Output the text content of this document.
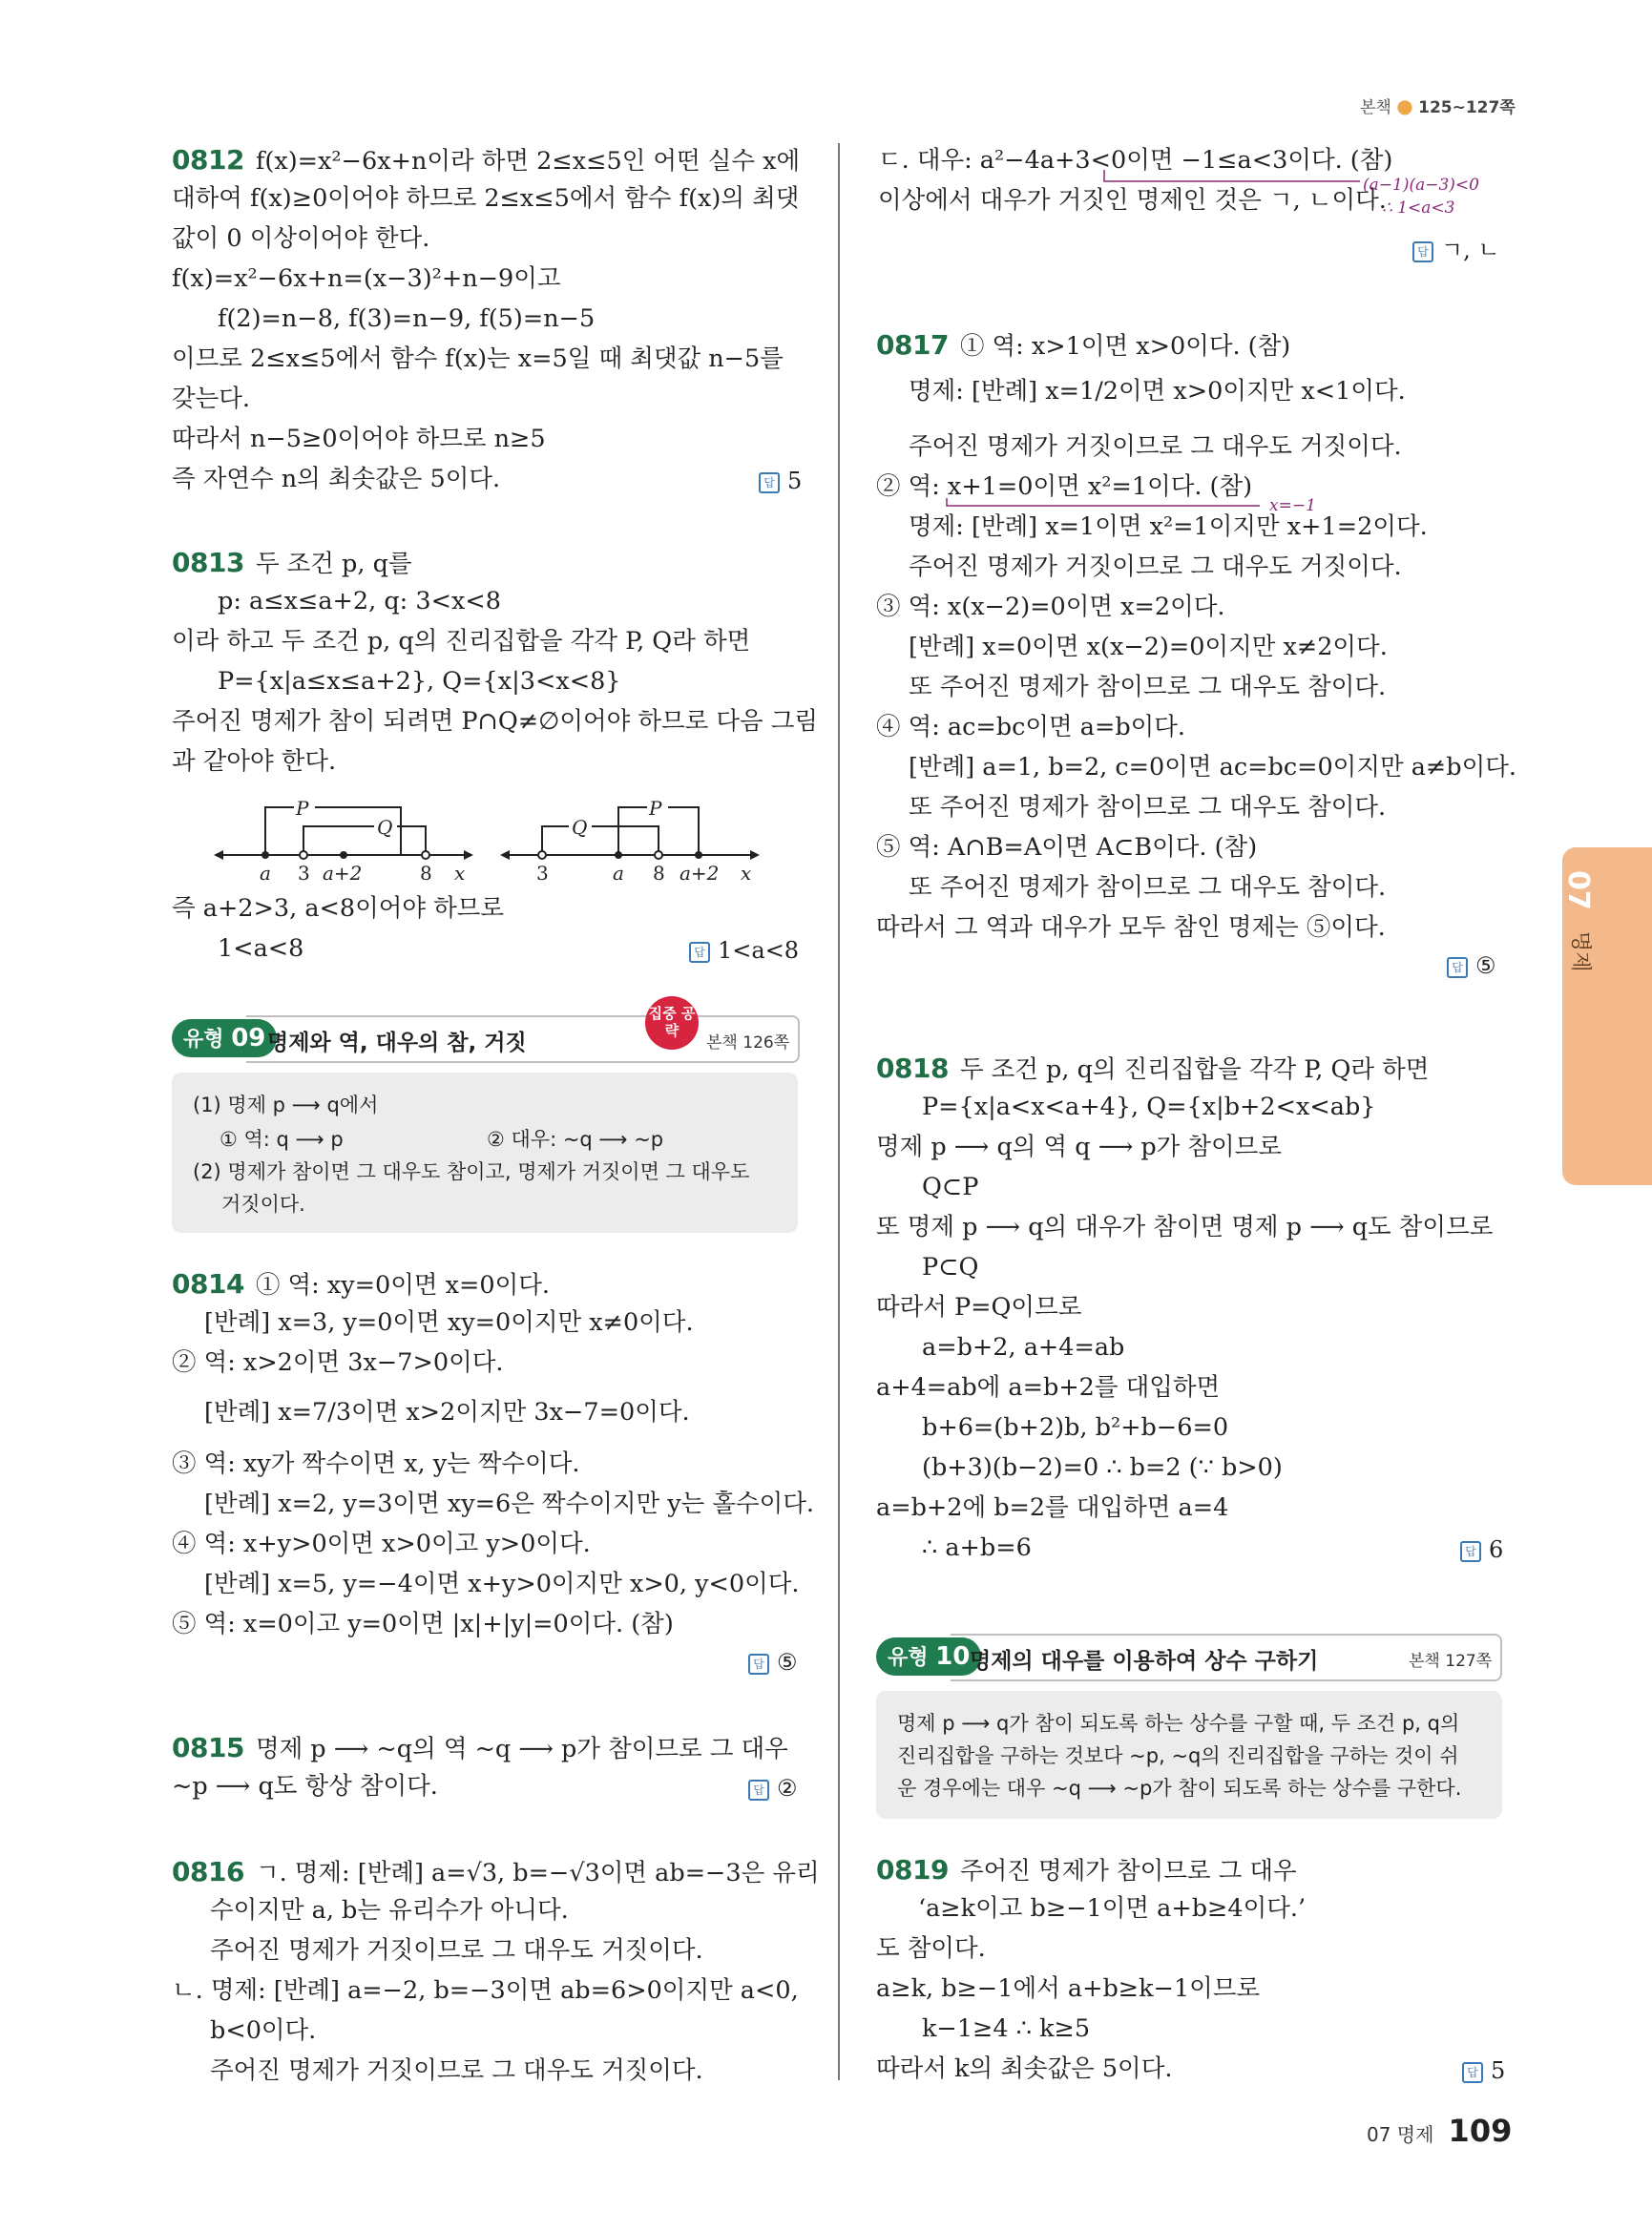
본책 ● 125~127쪽
0812 f(x)=x²−6x+n이라 하면 2≤x≤5인 어떤 실수 x에
대하여 f(x)≥0이어야 하므로 2≤x≤5에서 함수 f(x)의 최댓
값이 0 이상이어야 한다.
f(x)=x²−6x+n=(x−3)²+n−9이고
f(2)=n−8, f(3)=n−9, f(5)=n−5
이므로 2≤x≤5에서 함수 f(x)는 x=5일 때 최댓값 n−5를
갖는다.
따라서 n−5≥0이어야 하므로 n≥5
즉 자연수 n의 최솟값은 5이다.	답 5
0813 두 조건 p, q를
p: a≤x≤a+2, q: 3<x<8
이라 하고 두 조건 p, q의 진리집합을 각각 P, Q라 하면
P={x|a≤x≤a+2}, Q={x|3<x<8}
주어진 명제가 참이 되려면 P∩Q≠∅이어야 하므로 다음 그림
과 같아야 한다.
P
Q
a 3 a+2	8 x
Q
P
3	a 8 a+2 x
즉 a+2>3, a<8이어야 하므로
1<a<8	답 1<a<8
유형 09 명제와 역, 대우의 참, 거짓
집중 공략
본책 126쪽
(1) 명제 p ⟶ q에서
① 역: q ⟶ p	② 대우: ~q ⟶ ~p
(2) 명제가 참이면 그 대우도 참이고, 명제가 거짓이면 그 대우도
거짓이다.
0814 ① 역: xy=0이면 x=0이다.
[반례] x=3, y=0이면 xy=0이지만 x≠0이다.
② 역: x>2이면 3x−7>0이다.
[반례] x=7/3이면 x>2이지만 3x−7=0이다.
③ 역: xy가 짝수이면 x, y는 짝수이다.
[반례] x=2, y=3이면 xy=6은 짝수이지만 y는 홀수이다.
④ 역: x+y>0이면 x>0이고 y>0이다.
[반례] x=5, y=−4이면 x+y>0이지만 x>0, y<0이다.
⑤ 역: x=0이고 y=0이면 |x|+|y|=0이다. (참)
답 ⑤
0815 명제 p ⟶ ~q의 역 ~q ⟶ p가 참이므로 그 대우
~p ⟶ q도 항상 참이다.	답 ②
0816 ㄱ. 명제: [반례] a=√3, b=−√3이면 ab=−3은 유리
수이지만 a, b는 유리수가 아니다.
주어진 명제가 거짓이므로 그 대우도 거짓이다.
ㄴ. 명제: [반례] a=−2, b=−3이면 ab=6>0이지만 a<0,
b<0이다.
주어진 명제가 거짓이므로 그 대우도 거짓이다.
ㄷ. 대우: a²−4a+3<0이면 −1≤a<3이다. (참)
이상에서 대우가 거짓인 명제인 것은 ㄱ, ㄴ이다.
(a−1)(a−3)<0
∴ 1<a<3
답 ㄱ, ㄴ
0817 ① 역: x>1이면 x>0이다. (참)
명제: [반례] x=1/2이면 x>0이지만 x<1이다.
주어진 명제가 거짓이므로 그 대우도 거짓이다.
② 역: x+1=0이면 x²=1이다. (참)
x=−1
명제: [반례] x=1이면 x²=1이지만 x+1=2이다.
주어진 명제가 거짓이므로 그 대우도 거짓이다.
③ 역: x(x−2)=0이면 x=2이다.
[반례] x=0이면 x(x−2)=0이지만 x≠2이다.
또 주어진 명제가 참이므로 그 대우도 참이다.
④ 역: ac=bc이면 a=b이다.
[반례] a=1, b=2, c=0이면 ac=bc=0이지만 a≠b이다.
또 주어진 명제가 참이므로 그 대우도 참이다.
⑤ 역: A∩B=A이면 A⊂B이다. (참)
또 주어진 명제가 참이므로 그 대우도 참이다.
따라서 그 역과 대우가 모두 참인 명제는 ⑤이다.
답 ⑤
0818 두 조건 p, q의 진리집합을 각각 P, Q라 하면
P={x|a<x<a+4}, Q={x|b+2<x<ab}
명제 p ⟶ q의 역 q ⟶ p가 참이므로
Q⊂P
또 명제 p ⟶ q의 대우가 참이면 명제 p ⟶ q도 참이므로
P⊂Q
따라서 P=Q이므로
a=b+2, a+4=ab
a+4=ab에 a=b+2를 대입하면
b+6=(b+2)b, b²+b−6=0
(b+3)(b−2)=0 ∴ b=2 (∵ b>0)
a=b+2에 b=2를 대입하면 a=4
∴ a+b=6	답 6
유형 10 명제의 대우를 이용하여 상수 구하기	본책 127쪽
명제 p ⟶ q가 참이 되도록 하는 상수를 구할 때, 두 조건 p, q의
진리집합을 구하는 것보다 ~p, ~q의 진리집합을 구하는 것이 쉬
운 경우에는 대우 ~q ⟶ ~p가 참이 되도록 하는 상수를 구한다.
0819 주어진 명제가 참이므로 그 대우
‘a≥k이고 b≥−1이면 a+b≥4이다.’
도 참이다.
a≥k, b≥−1에서 a+b≥k−1이므로
k−1≥4 ∴ k≥5
따라서 k의 최솟값은 5이다.	답 5
07
명제
07 명제 109
